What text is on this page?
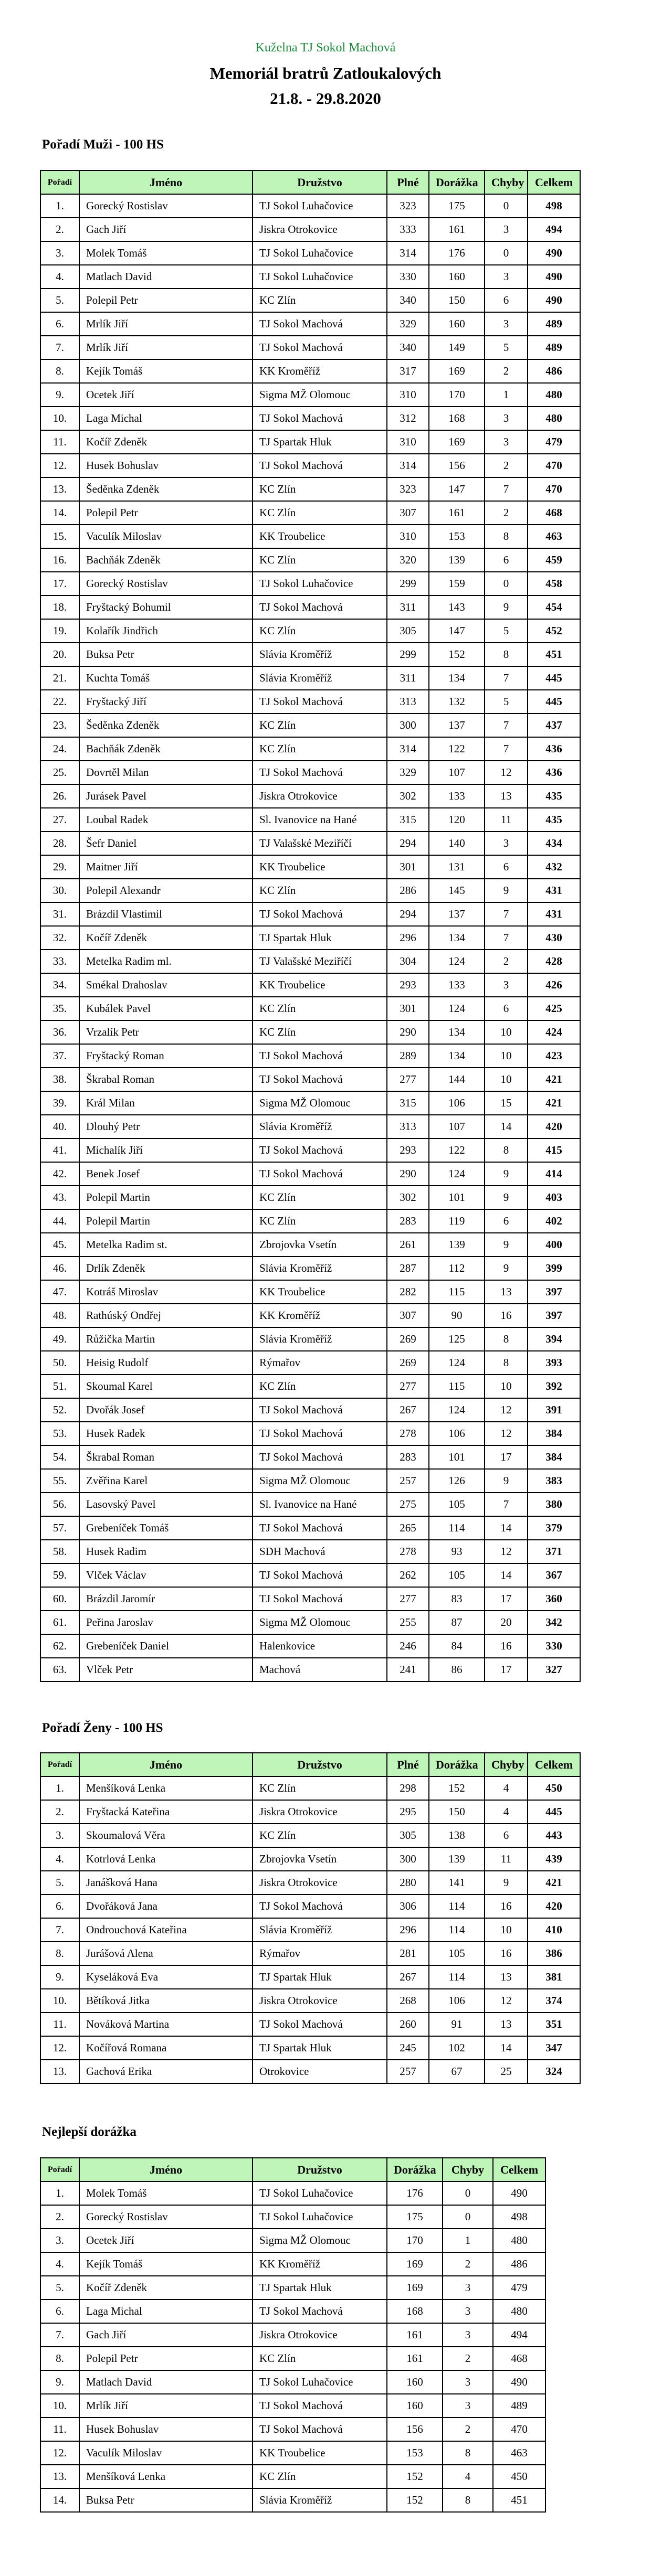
Kuželna TJ Sokol Machová
Memoriál bratrů Zatloukalových
21.8. - 29.8.2020
Pořadí Muži - 100 HS
Pořadí	Jméno	Družstvo	Plné	Dorážka	Chyby	Celkem
1.	Gorecký Rostislav	TJ Sokol Luhačovice	323	175	0	498
2.	Gach Jiří	Jiskra Otrokovice	333	161	3	494
3.	Molek Tomáš	TJ Sokol Luhačovice	314	176	0	490
4.	Matlach David	TJ Sokol Luhačovice	330	160	3	490
5.	Polepil Petr	KC Zlín	340	150	6	490
6.	Mrlík Jiří	TJ Sokol Machová	329	160	3	489
7.	Mrlík Jiří	TJ Sokol Machová	340	149	5	489
8.	Kejík Tomáš	KK Kroměříž	317	169	2	486
9.	Ocetek Jiří	Sigma MŽ Olomouc	310	170	1	480
10.	Laga Michal	TJ Sokol Machová	312	168	3	480
11.	Kočíř Zdeněk	TJ Spartak Hluk	310	169	3	479
12.	Husek Bohuslav	TJ Sokol Machová	314	156	2	470
13.	Šeděnka Zdeněk	KC Zlín	323	147	7	470
14.	Polepil Petr	KC Zlín	307	161	2	468
15.	Vaculík Miloslav	KK Troubelice	310	153	8	463
16.	Bachňák Zdeněk	KC Zlín	320	139	6	459
17.	Gorecký Rostislav	TJ Sokol Luhačovice	299	159	0	458
18.	Fryštacký Bohumil	TJ Sokol Machová	311	143	9	454
19.	Kolařík Jindřich	KC Zlín	305	147	5	452
20.	Buksa Petr	Slávia Kroměříž	299	152	8	451
21.	Kuchta Tomáš	Slávia Kroměříž	311	134	7	445
22.	Fryštacký Jiří	TJ Sokol Machová	313	132	5	445
23.	Šeděnka Zdeněk	KC Zlín	300	137	7	437
24.	Bachňák Zdeněk	KC Zlín	314	122	7	436
25.	Dovrtěl Milan	TJ Sokol Machová	329	107	12	436
26.	Jurásek Pavel	Jiskra Otrokovice	302	133	13	435
27.	Loubal Radek	Sl. Ivanovice na Hané	315	120	11	435
28.	Šefr Daniel	TJ Valašské Meziříčí	294	140	3	434
29.	Maitner Jiří	KK Troubelice	301	131	6	432
30.	Polepil Alexandr	KC Zlín	286	145	9	431
31.	Brázdil Vlastimil	TJ Sokol Machová	294	137	7	431
32.	Kočíř Zdeněk	TJ Spartak Hluk	296	134	7	430
33.	Metelka Radim ml.	TJ Valašské Meziříčí	304	124	2	428
34.	Smékal Drahoslav	KK Troubelice	293	133	3	426
35.	Kubálek Pavel	KC Zlín	301	124	6	425
36.	Vrzalík Petr	KC Zlín	290	134	10	424
37.	Fryštacký Roman	TJ Sokol Machová	289	134	10	423
38.	Škrabal Roman	TJ Sokol Machová	277	144	10	421
39.	Král Milan	Sigma MŽ Olomouc	315	106	15	421
40.	Dlouhý Petr	Slávia Kroměříž	313	107	14	420
41.	Michalík Jiří	TJ Sokol Machová	293	122	8	415
42.	Benek Josef	TJ Sokol Machová	290	124	9	414
43.	Polepil Martin	KC Zlín	302	101	9	403
44.	Polepil Martin	KC Zlín	283	119	6	402
45.	Metelka Radim st.	Zbrojovka Vsetín	261	139	9	400
46.	Drlík Zdeněk	Slávia Kroměříž	287	112	9	399
47.	Kotráš Miroslav	KK Troubelice	282	115	13	397
48.	Rathúský Ondřej	KK Kroměříž	307	90	16	397
49.	Růžička Martin	Slávia Kroměříž	269	125	8	394
50.	Heisig Rudolf	Rýmařov	269	124	8	393
51.	Skoumal Karel	KC Zlín	277	115	10	392
52.	Dvořák Josef	TJ Sokol Machová	267	124	12	391
53.	Husek Radek	TJ Sokol Machová	278	106	12	384
54.	Škrabal Roman	TJ Sokol Machová	283	101	17	384
55.	Zvěřina Karel	Sigma MŽ Olomouc	257	126	9	383
56.	Lasovský Pavel	Sl. Ivanovice na Hané	275	105	7	380
57.	Grebeníček Tomáš	TJ Sokol Machová	265	114	14	379
58.	Husek Radim	SDH Machová	278	93	12	371
59.	Vlček Václav	TJ Sokol Machová	262	105	14	367
60.	Brázdil Jaromír	TJ Sokol Machová	277	83	17	360
61.	Peřina Jaroslav	Sigma MŽ Olomouc	255	87	20	342
62.	Grebeníček Daniel	Halenkovice	246	84	16	330
63.	Vlček Petr	Machová	241	86	17	327
Pořadí Ženy - 100 HS
Pořadí	Jméno	Družstvo	Plné	Dorážka	Chyby	Celkem
1.	Menšíková Lenka	KC Zlín	298	152	4	450
2.	Fryštacká Kateřina	Jiskra Otrokovice	295	150	4	445
3.	Skoumalová Věra	KC Zlín	305	138	6	443
4.	Kotrlová Lenka	Zbrojovka Vsetín	300	139	11	439
5.	Janášková Hana	Jiskra Otrokovice	280	141	9	421
6.	Dvořáková Jana	TJ Sokol Machová	306	114	16	420
7.	Ondrouchová Kateřina	Slávia Kroměříž	296	114	10	410
8.	Jurášová Alena	Rýmařov	281	105	16	386
9.	Kyseláková Eva	TJ Spartak Hluk	267	114	13	381
10.	Bětíková Jitka	Jiskra Otrokovice	268	106	12	374
11.	Nováková Martina	TJ Sokol Machová	260	91	13	351
12.	Kočířová Romana	TJ Spartak Hluk	245	102	14	347
13.	Gachová Erika	Otrokovice	257	67	25	324
Nejlepší dorážka
Pořadí	Jméno	Družstvo	Dorážka	Chyby	Celkem
1.	Molek Tomáš	TJ Sokol Luhačovice	176	0	490
2.	Gorecký Rostislav	TJ Sokol Luhačovice	175	0	498
3.	Ocetek Jiří	Sigma MŽ Olomouc	170	1	480
4.	Kejík Tomáš	KK Kroměříž	169	2	486
5.	Kočíř Zdeněk	TJ Spartak Hluk	169	3	479
6.	Laga Michal	TJ Sokol Machová	168	3	480
7.	Gach Jiří	Jiskra Otrokovice	161	3	494
8.	Polepil Petr	KC Zlín	161	2	468
9.	Matlach David	TJ Sokol Luhačovice	160	3	490
10.	Mrlík Jiří	TJ Sokol Machová	160	3	489
11.	Husek Bohuslav	TJ Sokol Machová	156	2	470
12.	Vaculík Miloslav	KK Troubelice	153	8	463
13.	Menšíková Lenka	KC Zlín	152	4	450
14.	Buksa Petr	Slávia Kroměříž	152	8	451
